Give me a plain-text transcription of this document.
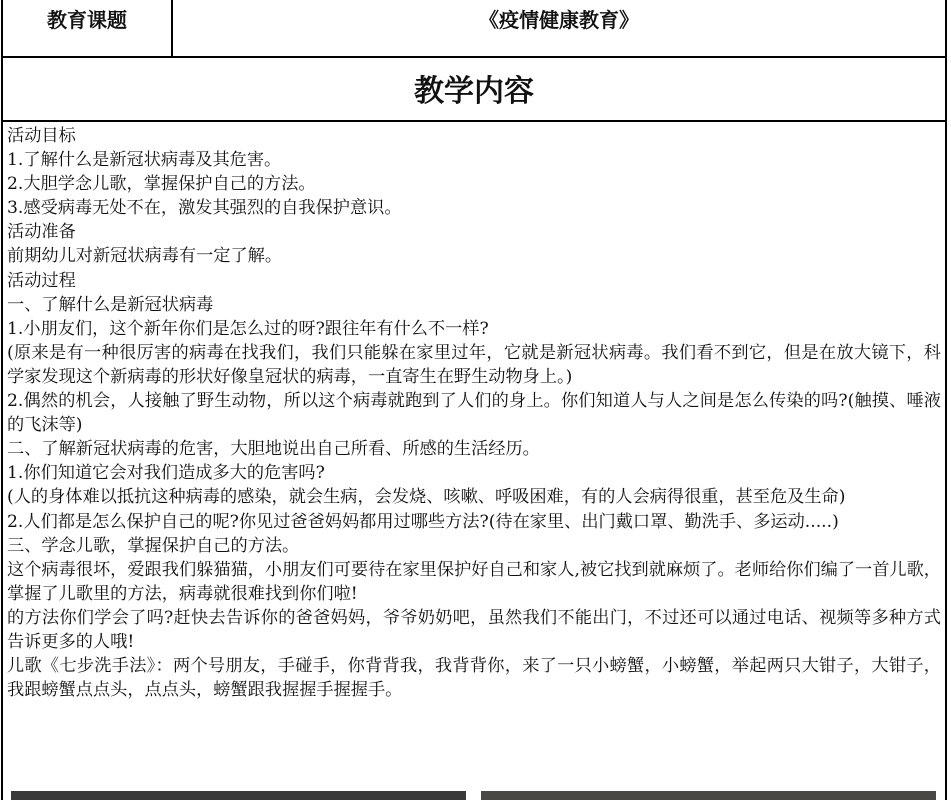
教育课题	《疫情健康教育》
教学内容

活动目标

1.了解什么是新冠状病毒及其危害。

2.大胆学念儿歌，掌握保护自己的方法。

3.感受病毒无处不在，激发其强烈的自我保护意识。

活动准备

前期幼儿对新冠状病毒有一定了解。

活动过程

一、了解什么是新冠状病毒

1.小朋友们，这个新年你们是怎么过的呀?跟往年有什么不一样?

(原来是有一种很厉害的病毒在找我们，我们只能躲在家里过年，它就是新冠状病毒。我们看不到它，但是在放大镜下，科学家发现这个新病毒的形状好像皇冠状的病毒，一直寄生在野生动物身上。)

2.偶然的机会，人接触了野生动物，所以这个病毒就跑到了人们的身上。你们知道人与人之间是怎么传染的吗?(触摸、唾液的飞沫等)

二、了解新冠状病毒的危害，大胆地说出自己所看、所感的生活经历。

1.你们知道它会对我们造成多大的危害吗?

(人的身体难以抵抗这种病毒的感染，就会生病，会发烧、咳嗽、呼吸困难，有的人会病得很重，甚至危及生命)

2.人们都是怎么保护自己的呢?你见过爸爸妈妈都用过哪些方法?(待在家里、出门戴口罩、勤洗手、多运动.....)

三、学念儿歌，掌握保护自己的方法。

这个病毒很坏，爱跟我们躲猫猫，小朋友们可要待在家里保护好自己和家人,被它找到就麻烦了。老师给你们编了一首儿歌，掌握了儿歌里的方法，病毒就很难找到你们啦!

的方法你们学会了吗?赶快去告诉你的爸爸妈妈，爷爷奶奶吧，虽然我们不能出门，不过还可以通过电话、视频等多种方式告诉更多的人哦!

儿歌《七步洗手法》：两个号朋友，手碰手，你背背我，我背背你，来了一只小螃蟹，小螃蟹，举起两只大钳子，大钳子，我跟螃蟹点点头，点点头，螃蟹跟我握握手握握手。
